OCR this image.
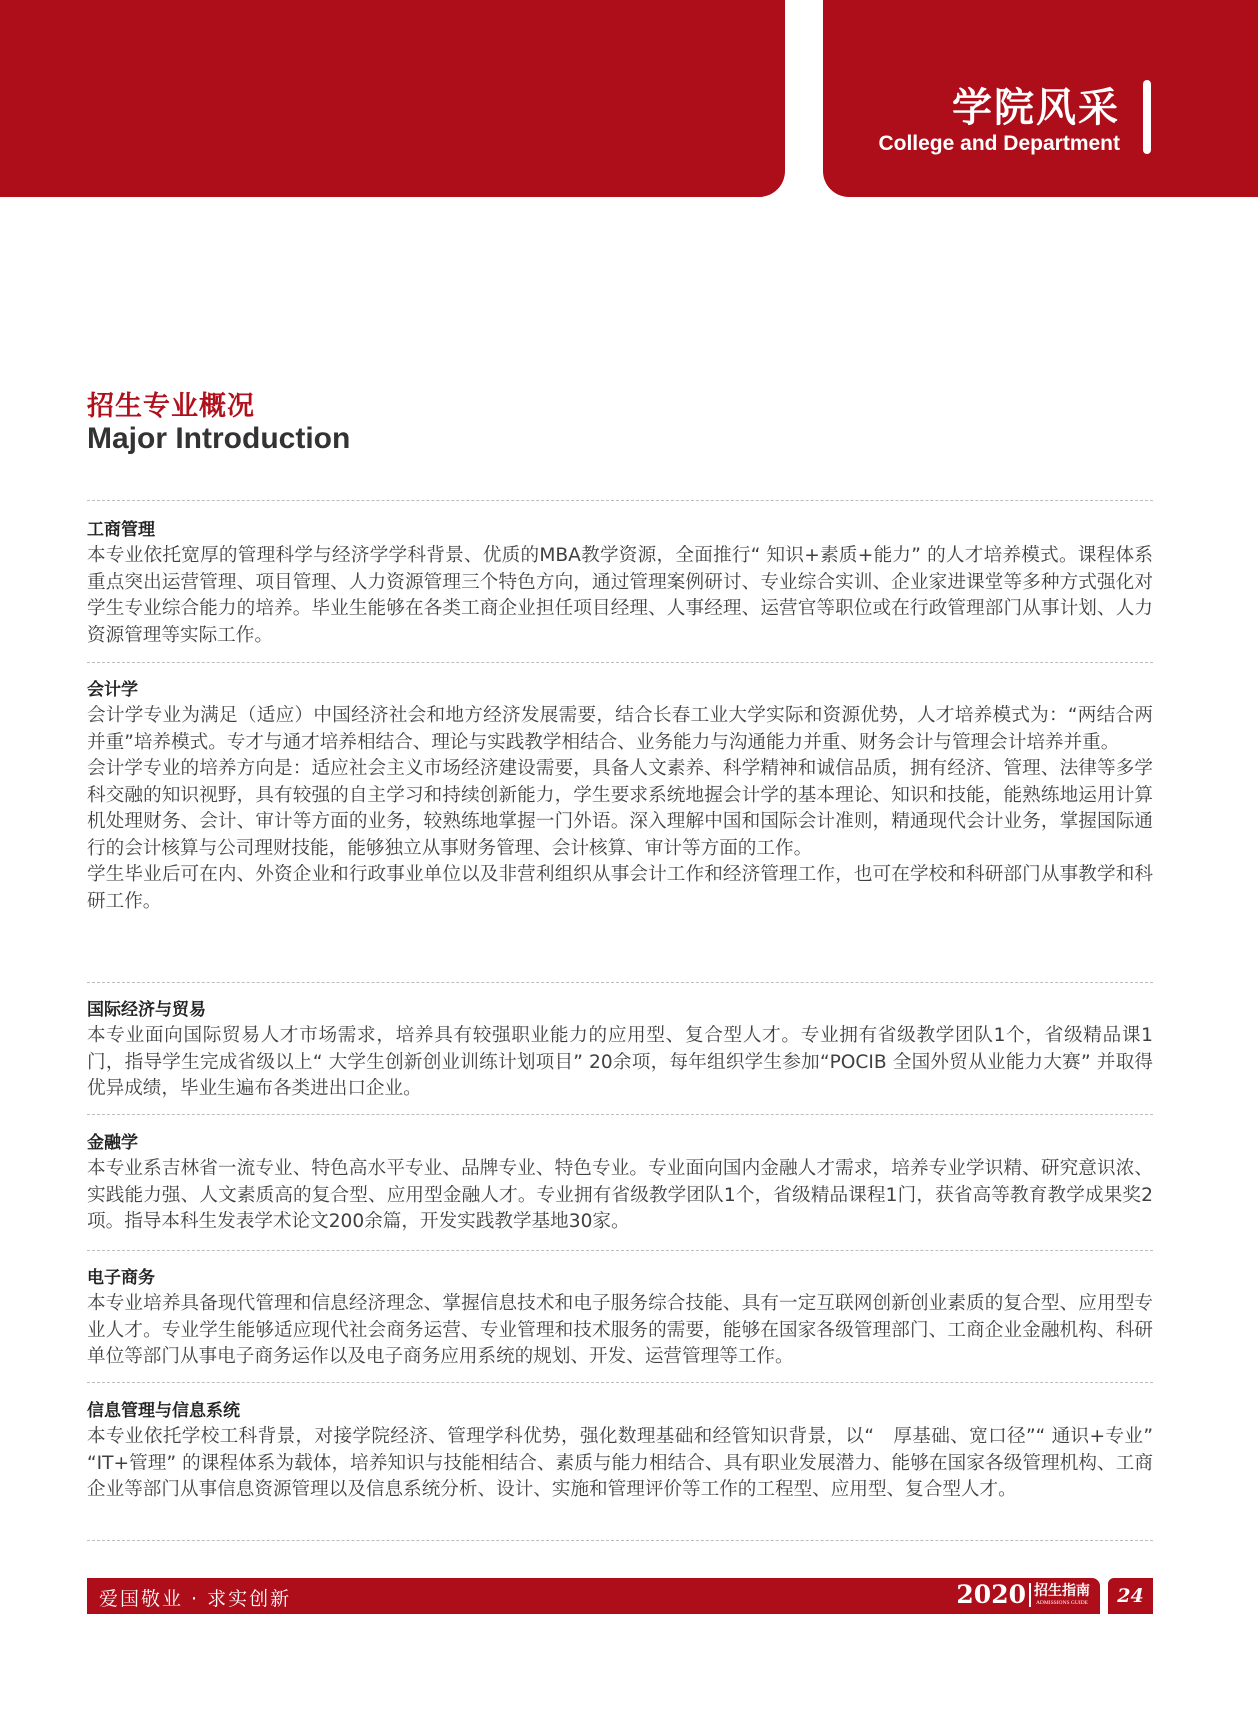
学院风采
College and Department
招生专业概况
Major Introduction
工商管理

本专业依托宽厚的管理科学与经济学学科背景、优质的MBA教学资源，全面推行“ 知识+素质+能力” 的人才培养模式。课程体系重点突出运营管理、项目管理、人力资源管理三个特色方向，通过管理案例研讨、专业综合实训、企业家进课堂等多种方式强化对学生专业综合能力的培养。毕业生能够在各类工商企业担任项目经理、人事经理、运营官等职位或在行政管理部门从事计划、人力资源管理等实际工作。

会计学

会计学专业为满足（适应）中国经济社会和地方经济发展需要，结合长春工业大学实际和资源优势，人才培养模式为：“两结合两并重”培养模式。专才与通才培养相结合、理论与实践教学相结合、业务能力与沟通能力并重、财务会计与管理会计培养并重。

会计学专业的培养方向是：适应社会主义市场经济建设需要，具备人文素养、科学精神和诚信品质，拥有经济、管理、法律等多学科交融的知识视野，具有较强的自主学习和持续创新能力，学生要求系统地握会计学的基本理论、知识和技能，能熟练地运用计算机处理财务、会计、审计等方面的业务，较熟练地掌握一门外语。深入理解中国和国际会计准则，精通现代会计业务，掌握国际通行的会计核算与公司理财技能，能够独立从事财务管理、会计核算、审计等方面的工作。

学生毕业后可在内、外资企业和行政事业单位以及非营利组织从事会计工作和经济管理工作，也可在学校和科研部门从事教学和科研工作。

国际经济与贸易

本专业面向国际贸易人才市场需求，培养具有较强职业能力的应用型、复合型人才。专业拥有省级教学团队1个，省级精品课1 门，指导学生完成省级以上“ 大学生创新创业训练计划项目” 20余项，每年组织学生参加“POCIB 全国外贸从业能力大赛” 并取得优异成绩，毕业生遍布各类进出口企业。

金融学

本专业系吉林省一流专业、特色高水平专业、品牌专业、特色专业。专业面向国内金融人才需求，培养专业学识精、研究意识浓、实践能力强、人文素质高的复合型、应用型金融人才。专业拥有省级教学团队1个，省级精品课程1门，获省高等教育教学成果奖2项。指导本科生发表学术论文200余篇，开发实践教学基地30家。

电子商务

本专业培养具备现代管理和信息经济理念、掌握信息技术和电子服务综合技能、具有一定互联网创新创业素质的复合型、应用型专业人才。专业学生能够适应现代社会商务运营、专业管理和技术服务的需要，能够在国家各级管理部门、工商企业金融机构、科研单位等部门从事电子商务运作以及电子商务应用系统的规划、开发、运营管理等工作。

信息管理与信息系统

本专业依托学校工科背景，对接学院经济、管理学科优势，强化数理基础和经管知识背景，以“　厚基础、宽口径”“ 通识+专业” “IT+管理” 的课程体系为载体，培养知识与技能相结合、素质与能力相结合、具有职业发展潜力、能够在国家各级管理机构、工商企业等部门从事信息资源管理以及信息系统分析、设计、实施和管理评价等工作的工程型、应用型、复合型人才。

爱国敬业 · 求实创新	2020 招生指南
ADMISSIONS GUIDE	24
